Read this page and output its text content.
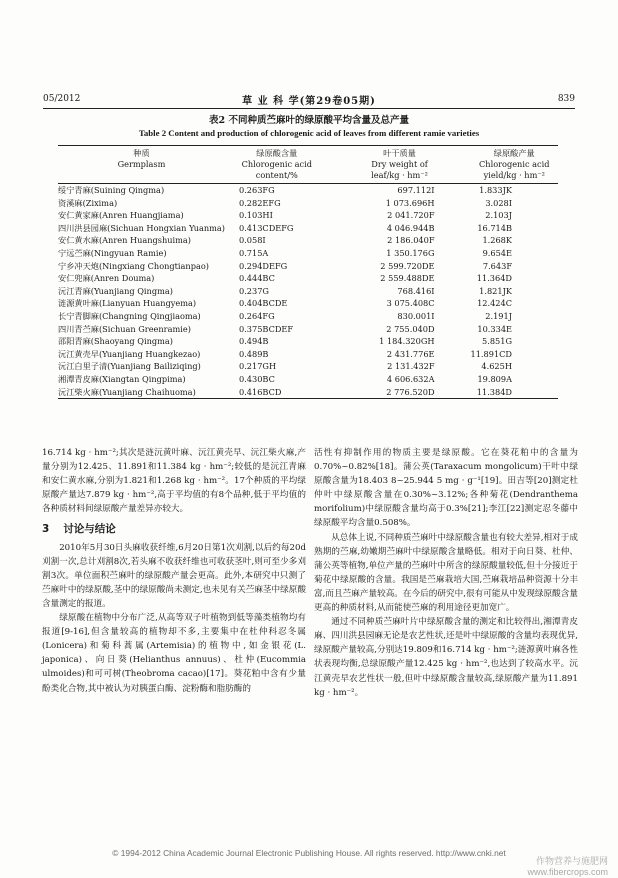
05/2012	草 业 科 学(第29卷05期)	839
表2 不同种质苎麻叶的绿原酸平均含量及总产量
Table 2 Content and production of chlorogenic acid of leaves from different ramie varieties
种质
Germplasm	绿原酸含量
Chlorogenic acid
content/%	叶干质量
Dry weight of
leaf/kg · hm⁻²	绿原酸产量
Chlorogenic acid
yield/kg · hm⁻²

绥宁青麻(Suining Qingma)	0.263FG	697.112I	1.833JK
资溪麻(Zixima)	0.282EFG	1 073.696H	3.028I
安仁黄家麻(Anren Huangjiama)	0.103HI	2 041.720F	2.103J
四川洪县园麻(Sichuan Hongxian Yuanma)	0.413CDEFG	4 046.944B	16.714B
安仁黄水麻(Anren Huangshuima)	0.058I	2 186.040F	1.268K
宁远苎麻(Ningyuan Ramie)	0.715A	1 350.176G	9.654E
宁乡冲天炮(Ningxiang Chongtianpao)	0.294DEFG	2 599.720DE	7.643F
安仁兜麻(Anren Douma)	0.444BC	2 559.488DE	11.364D
沅江青麻(Yuanjiang Qingma)	0.237G	768.416I	1.821JK
涟源黄叶麻(Lianyuan Huangyema)	0.404BCDE	3 075.408C	12.424C
长宁青脚麻(Changning Qingjiaoma)	0.264FG	830.001I	2.191J
四川青苎麻(Sichuan Greenramie)	0.375BCDEF	2 755.040D	10.334E
邵阳青麻(Shaoyang Qingma)	0.494B	1 184.320GH	5.851G
沅江黄壳早(Yuanjiang Huangkezao)	0.489B	2 431.776E	11.891CD
沅江白里子清(Yuanjiang Bailiziqing)	0.217GH	2 131.432F	4.625H
湘潭青皮麻(Xiangtan Qingpima)	0.430BC	4 606.632A	19.809A
沅江柴火麻(Yuanjiang Chaihuoma)	0.416BCD	2 776.520D	11.384D

16.714 kg · hm⁻²;其次是涟沅黄叶麻、沅江黄壳早、沅江柴火麻,产量分别为12.425、11.891和11.384 kg · hm⁻²;较低的是沅江青麻和安仁黄水麻,分别为1.821和1.268 kg · hm⁻²。17个种质的平均绿原酸产量达7.879 kg · hm⁻²,高于平均值的有8个品种,低于平均值的各种质材料间绿原酸产量差异亦较大。

3 讨论与结论

2010年5月30日头麻收获纤维,6月20日第1次刈割,以后约每20d刈割一次,总计刈割8次,若头麻不收获纤维也可收获茎叶,则可至少多刈割3次。单位面积苎麻叶的绿原酸产量会更高。此外,本研究中只测了苎麻叶中的绿原酸,茎中的绿原酸尚未测定,也未见有关苎麻茎中绿原酸含量测定的报道。

绿原酸在植物中分布广泛,从高等双子叶植物到低等藻类植物均有报道[9-16],但含量较高的植物却不多,主要集中在杜仲科忍冬属(Lonicera)和菊科蒿属(Artemisia)的植物中,如金银花(L. japonica)、向日葵(Helianthus annuus)、杜仲(Eucommia ulmoides)和可可树(Theobroma cacao)[17]。葵花粕中含有少量酚类化合物,其中被认为对胰蛋白酶、淀粉酶和脂肪酶的

活性有抑制作用的物质主要是绿原酸。它在葵花粕中的含量为0.70%~0.82%[18]。蒲公英(Taraxacum mongolicum)干叶中绿原酸含量为18.403 8~25.944 5 mg · g⁻¹[19]。田吉等[20]测定杜仲叶中绿原酸含量在0.30%~3.12%;各种菊花(Dendranthema morifolium)中绿原酸含量均高于0.3%[21];李江[22]测定忍冬藤中绿原酸平均含量0.508%。

从总体上说,不同种质苎麻叶中绿原酸含量也有较大差异,相对于成熟期的苎麻,幼嫩期苎麻叶中绿原酸含量略低。相对于向日葵、杜仲、蒲公英等植物,单位产量的苎麻叶中所含的绿原酸量较低,但十分接近于菊花中绿原酸的含量。我国是苎麻栽培大国,苎麻栽培品种资源十分丰富,而且苎麻产量较高。在今后的研究中,很有可能从中发现绿原酸含量更高的种质材料,从而能使苎麻的利用途径更加宽广。

通过不同种质苎麻叶片中绿原酸含量的测定和比较得出,湘潭青皮麻、四川洪县园麻无论是农艺性状,还是叶中绿原酸的含量均表现优异,绿原酸产量较高,分别达19.809和16.714 kg · hm⁻²;涟源黄叶麻各性状表现均衡,总绿原酸产量12.425 kg · hm⁻²,也达到了较高水平。沅江黄壳早农艺性状一般,但叶中绿原酸含量较高,绿原酸产量为11.891 kg · hm⁻²。

© 1994-2012 China Academic Journal Electronic Publishing House. All rights reserved. http://www.cnki.net
作物营养与施肥网
www.fibercrops.com
